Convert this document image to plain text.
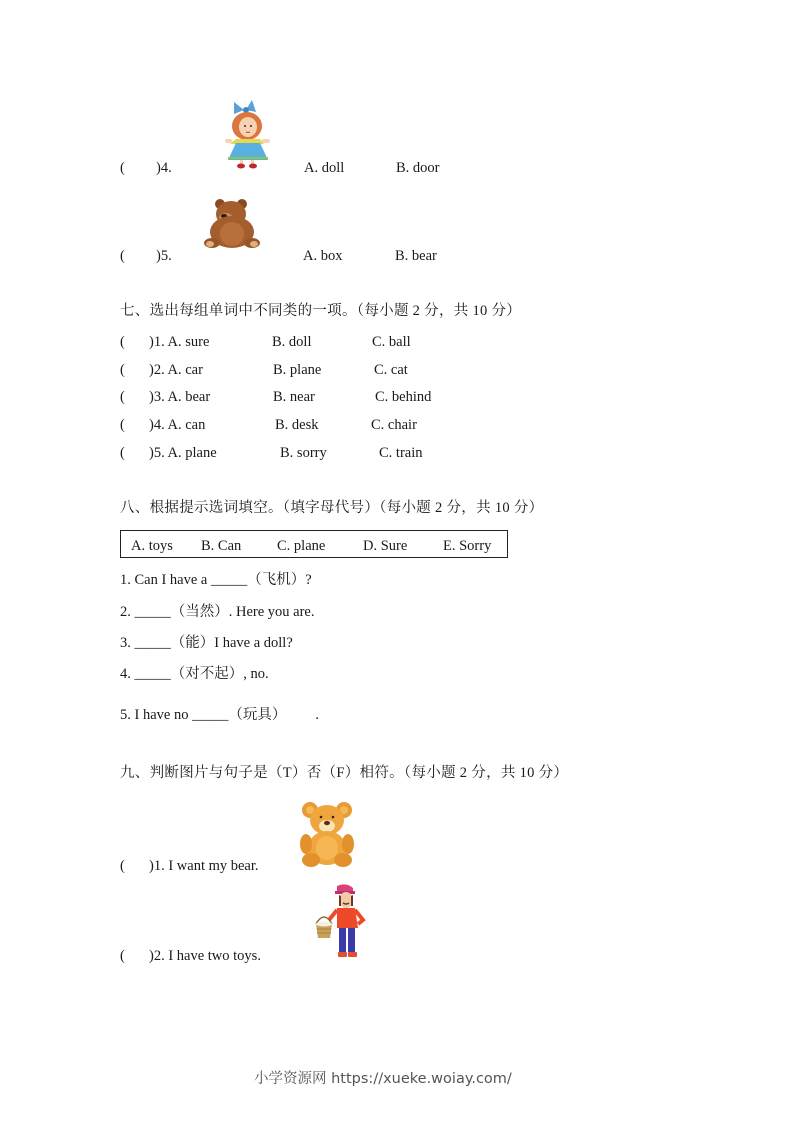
( )4.	A. doll	B. door
( )5.	A. box	B. bear
七、选出每组单词中不同类的一项。（每小题 2 分，共 10 分）
( )1. A. sure	B. doll	C. ball
( )2. A. car	B. plane	C. cat
( )3. A. bear	B. near	C. behind
( )4. A. can	B. desk	C. chair
( )5. A. plane	B. sorry	C. train
八、根据提示选词填空。（填字母代号）（每小题 2 分，共 10 分）
A. toys B. Can C. plane	D. Sure E. Sorry
1. Can I have a _____（飞机）?
2. _____（当然）. Here you are.
3. _____（能）I have a doll?
4. _____（对不起）, no.
5. I have no _____（玩具）        .
九、判断图片与句子是（T）否（F）相符。（每小题 2 分，共 10 分）
( )1. I want my bear.
( )2. I have two toys.
小学资源网 https://xueke.woiay.com/
